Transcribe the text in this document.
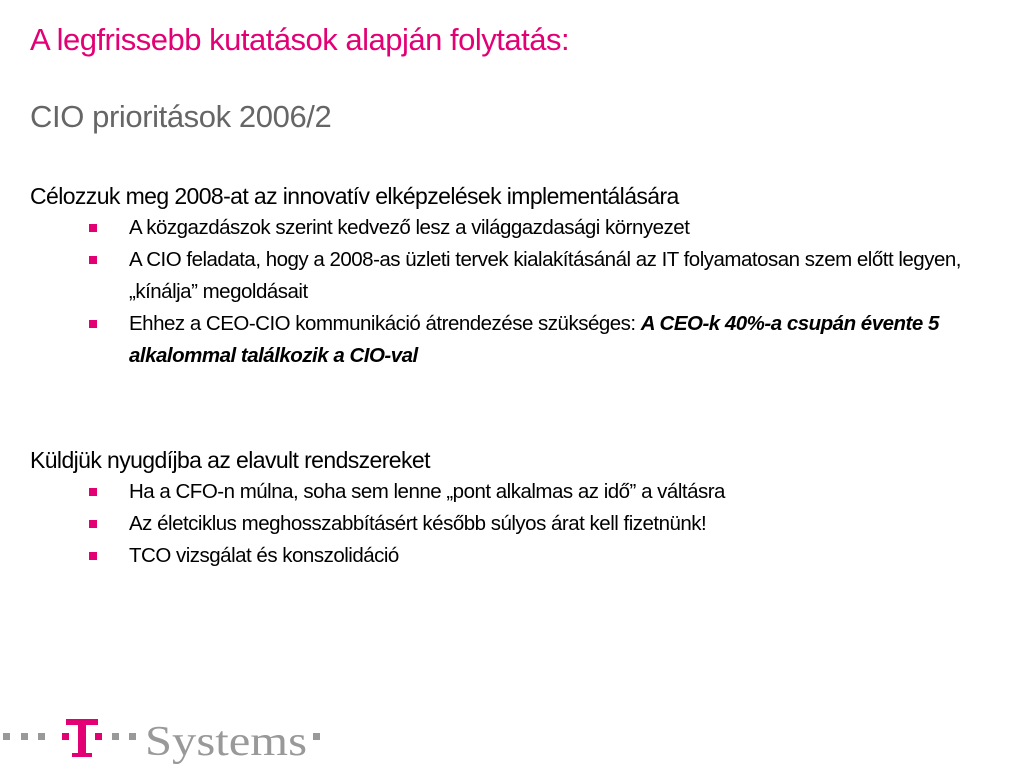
A legfrissebb kutatások alapján folytatás:
CIO prioritások 2006/2

Célozzuk meg 2008-at az innovatív elképzelések implementálására

A közgazdászok szerint kedvező lesz a világgazdasági környezet
A CIO feladata, hogy a 2008-as üzleti tervek kialakításánál az IT folyamatosan szem előtt legyen, „kínálja” megoldásait
Ehhez a CEO-CIO kommunikáció átrendezése szükséges: A CEO-k 40%-a csupán évente 5 alkalommal találkozik a CIO-val

Küldjük nyugdíjba az elavult rendszereket

Ha a CFO-n múlna, soha sem lenne „pont alkalmas az idő” a váltásra
Az életciklus meghosszabbításért később súlyos árat kell fizetnünk!
TCO vizsgálat és konszolidáció
Systems
